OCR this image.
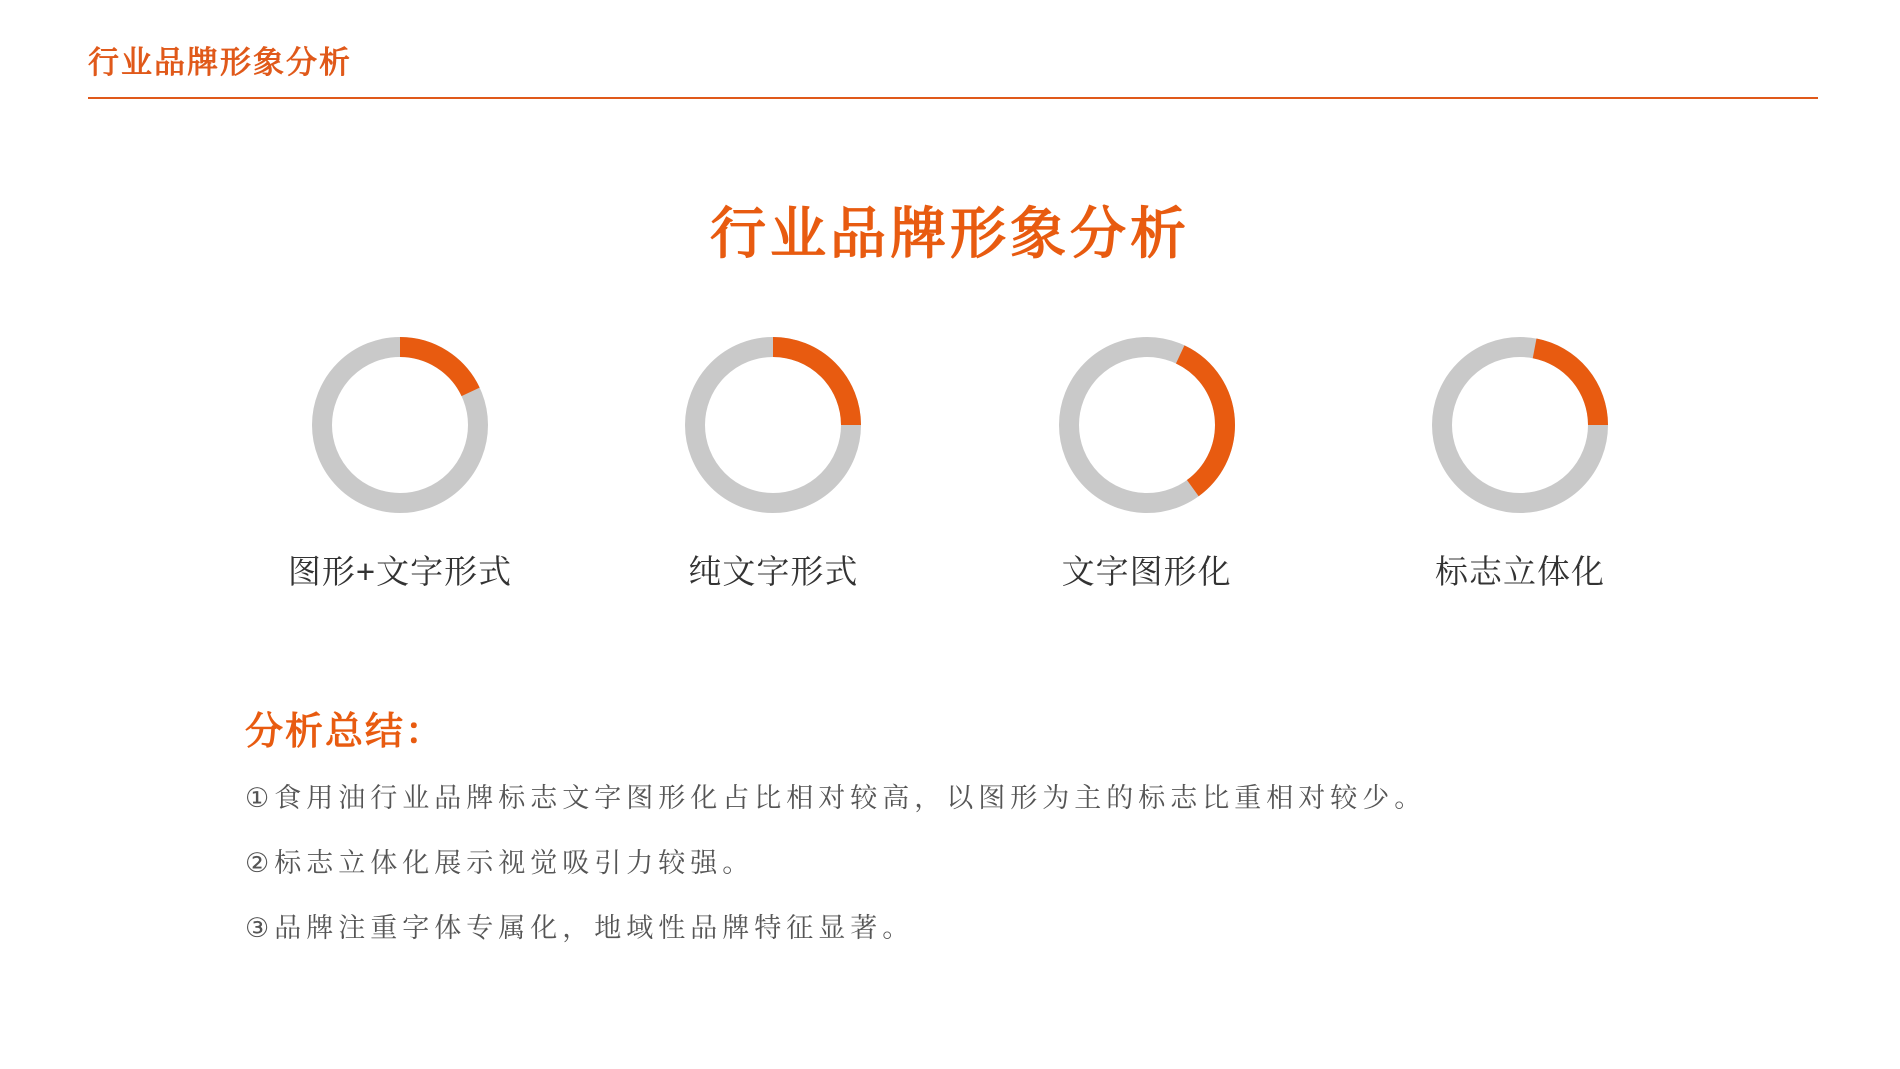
行业品牌形象分析
行业品牌形象分析
图形+文字形式	纯文字形式	文字图形化	标志立体化
分析总结：
①食用油行业品牌标志文字图形化占比相对较高，以图形为主的标志比重相对较少。
②标志立体化展示视觉吸引力较强。
③品牌注重字体专属化，地域性品牌特征显著。
